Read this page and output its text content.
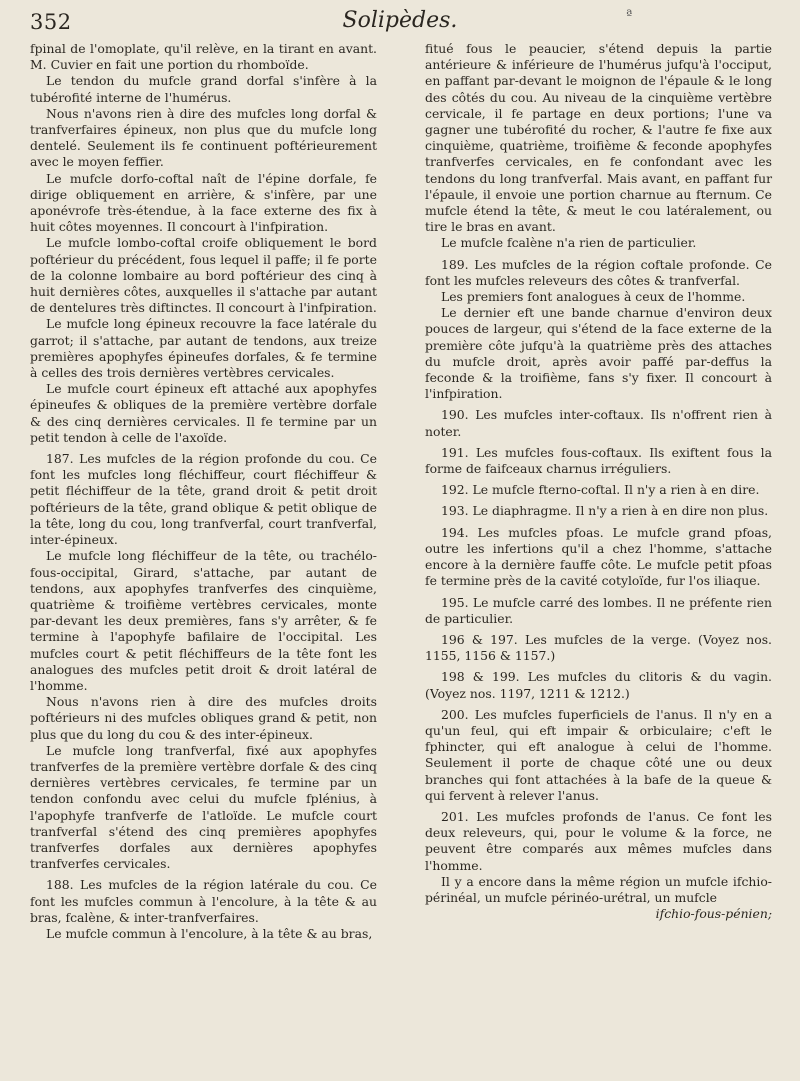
352	Solipèdes.	ª

fpinal de l'omoplate, qu'il relève, en la tirant en avant. M. Cuvier en fait une portion du rhomboïde.

Le tendon du mufcle grand dorfal s'infère à la tubérofité interne de l'humérus.

Nous n'avons rien à dire des mufcles long dorfal & tranfverfaires épineux, non plus que du mufcle long dentelé. Seulement ils fe continuent poftérieurement avec le moyen feffier.

Le mufcle dorfo-coftal naît de l'épine dorfale, fe dirige obliquement en arrière, & s'infère, par une aponévrofe très-étendue, à la face externe des fix à huit côtes moyennes. Il concourt à l'infpiration.

Le mufcle lombo-coftal croife obliquement le bord poftérieur du précédent, fous lequel il paffe; il fe porte de la colonne lombaire au bord poftérieur des cinq à huit dernières côtes, auxquelles il s'attache par autant de dentelures très diftinctes. Il concourt à l'infpiration.

Le mufcle long épineux recouvre la face latérale du garrot; il s'attache, par autant de tendons, aux treize premières apophyfes épineufes dorfales, & fe termine à celles des trois dernières vertèbres cervicales.

Le mufcle court épineux eft attaché aux apophyfes épineufes & obliques de la première vertèbre dorfale & des cinq dernières cervicales. Il fe termine par un petit tendon à celle de l'axoïde.

187. Les mufcles de la région profonde du cou. Ce font les mufcles long fléchiffeur, court fléchiffeur & petit fléchiffeur de la tête, grand droit & petit droit poftérieurs de la tête, grand oblique & petit oblique de la tête, long du cou, long tranfverfal, court tranfverfal, inter-épineux.

Le mufcle long fléchiffeur de la tête, ou trachélo-fous-occipital, Girard, s'attache, par autant de tendons, aux apophyfes tranfverfes des cinquième, quatrième & troifième vertèbres cervicales, monte par-devant les deux premières, fans s'y arrêter, & fe termine à l'apophyfe bafilaire de l'occipital. Les mufcles court & petit fléchiffeurs de la tête font les analogues des mufcles petit droit & droit latéral de l'homme.

Nous n'avons rien à dire des mufcles droits poftérieurs ni des mufcles obliques grand & petit, non plus que du long du cou & des inter-épineux.

Le mufcle long tranfverfal, fixé aux apophyfes tranfverfes de la première vertèbre dorfale & des cinq dernières vertèbres cervicales, fe termine par un tendon confondu avec celui du mufcle fplénius, à l'apophyfe tranfverfe de l'atloïde. Le mufcle court tranfverfal s'étend des cinq premières apophyfes tranfverfes dorfales aux dernières apophyfes tranfverfes cervicales.

188. Les mufcles de la région latérale du cou. Ce font les mufcles commun à l'encolure, à la tête & au bras, fcalène, & inter-tranfverfaires.

Le mufcle commun à l'encolure, à la tête & au bras,

fitué fous le peaucier, s'étend depuis la partie antérieure & inférieure de l'humérus jufqu'à l'occiput, en paffant par-devant le moignon de l'épaule & le long des côtés du cou. Au niveau de la cinquième vertèbre cervicale, il fe partage en deux portions; l'une va gagner une tubérofité du rocher, & l'autre fe fixe aux cinquième, quatrième, troifième & feconde apophyfes tranfverfes cervicales, en fe confondant avec les tendons du long tranfverfal. Mais avant, en paffant fur l'épaule, il envoie une portion charnue au fternum. Ce mufcle étend la tête, & meut le cou latéralement, ou tire le bras en avant.

Le mufcle fcalène n'a rien de particulier.

189. Les mufcles de la région coftale profonde. Ce font les mufcles releveurs des côtes & tranfverfal.

Les premiers font analogues à ceux de l'homme.

Le dernier eft une bande charnue d'environ deux pouces de largeur, qui s'étend de la face externe de la première côte jufqu'à la quatrième près des attaches du mufcle droit, après avoir paffé par-deffus la feconde & la troifième, fans s'y fixer. Il concourt à l'infpiration.

190. Les mufcles inter-coftaux. Ils n'offrent rien à noter.

191. Les mufcles fous-coftaux. Ils exiftent fous la forme de faifceaux charnus irréguliers.

192. Le mufcle fterno-coftal. Il n'y a rien à en dire.

193. Le diaphragme. Il n'y a rien à en dire non plus.

194. Les mufcles pfoas. Le mufcle grand pfoas, outre les infertions qu'il a chez l'homme, s'attache encore à la dernière fauffe côte. Le mufcle petit pfoas fe termine près de la cavité cotyloïde, fur l'os iliaque.

195. Le mufcle carré des lombes. Il ne préfente rien de particulier.

196 & 197. Les mufcles de la verge. (Voyez nos. 1155, 1156 & 1157.)

198 & 199. Les mufcles du clitoris & du vagin. (Voyez nos. 1197, 1211 & 1212.)

200. Les mufcles fuperficiels de l'anus. Il n'y en a qu'un feul, qui eft impair & orbiculaire; c'eft le fphincter, qui eft analogue à celui de l'homme. Seulement il porte de chaque côté une ou deux branches qui font attachées à la bafe de la queue & qui fervent à relever l'anus.

201. Les mufcles profonds de l'anus. Ce font les deux releveurs, qui, pour le volume & la force, ne peuvent être comparés aux mêmes mufcles dans l'homme.

Il y a encore dans la même région un mufcle ifchio-périnéal, un mufcle périnéo-urétral, un mufcle

ifchio-fous-pénien;
